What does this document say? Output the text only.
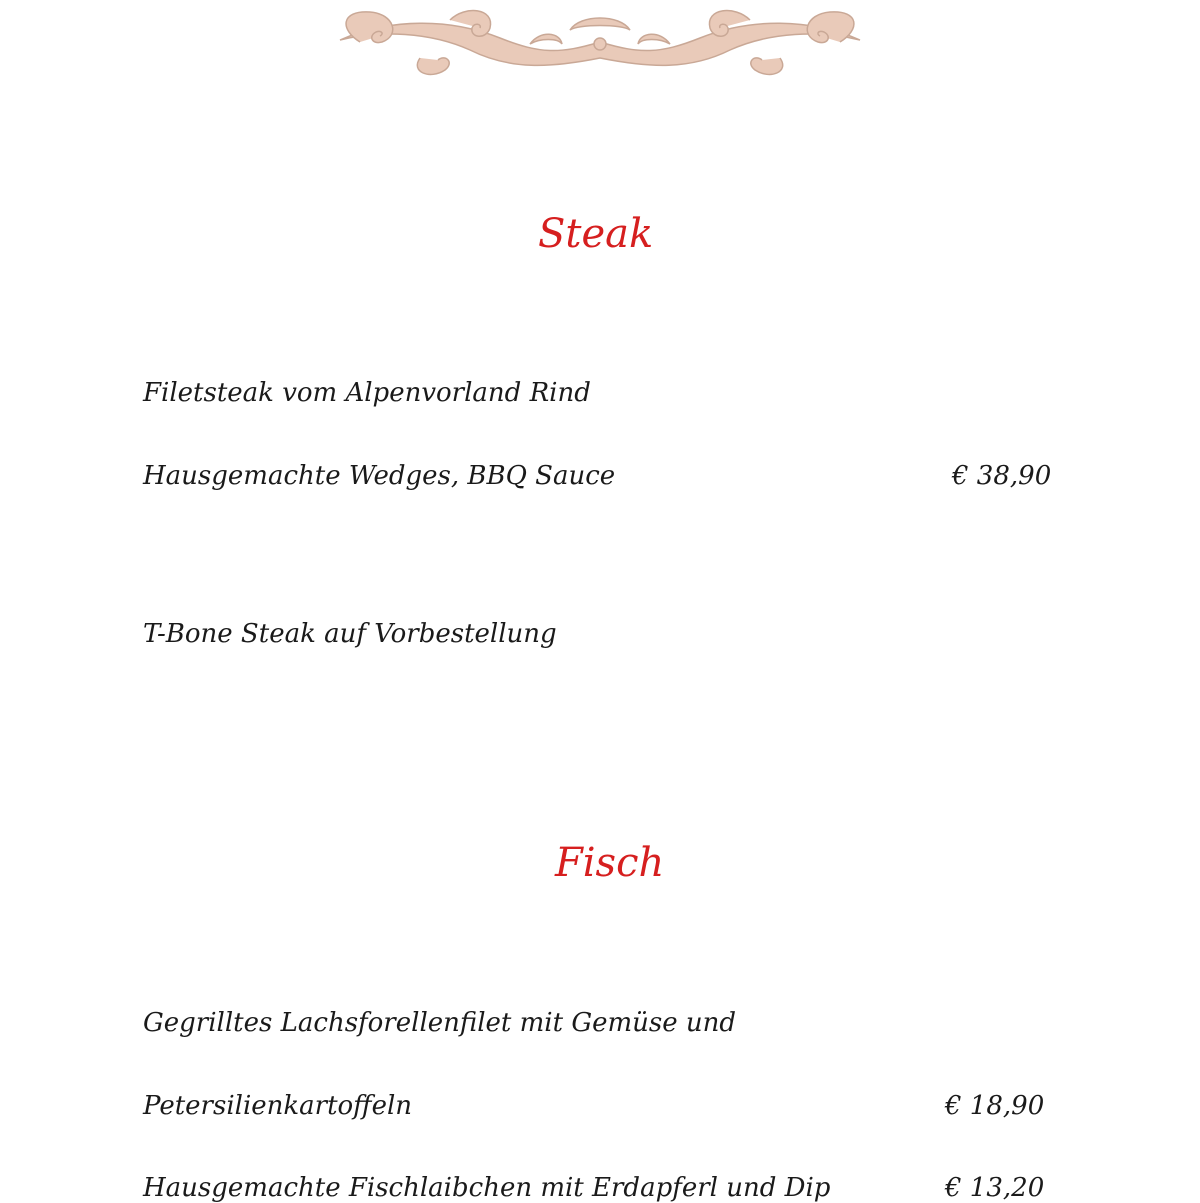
Steak
Filetsteak vom Alpenvorland Rind
Hausgemachte Wedges, BBQ Sauce	€ 38,90
T-Bone Steak auf Vorbestellung
Fisch
Gegrilltes Lachsforellenfilet mit Gemüse und
Petersilienkartoffeln	€ 18,90
Hausgemachte Fischlaibchen mit Erdapferl und Dip	€ 13,20
